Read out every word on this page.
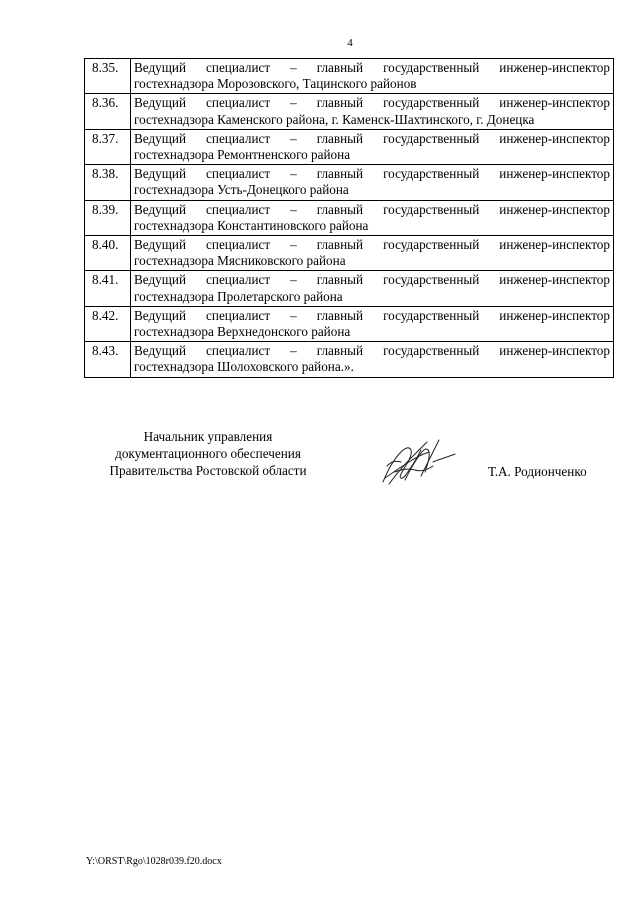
4
8.35.	Ведущий специалист – главный государственный инженер-инспектор
гостехнадзора Морозовского, Тацинского районов

8.36.	Ведущий специалист – главный государственный инженер-инспектор
гостехнадзора Каменского района, г. Каменск-Шахтинского, г. Донецка

8.37.	Ведущий специалист – главный государственный инженер-инспектор
гостехнадзора Ремонтненского района

8.38.	Ведущий специалист – главный государственный инженер-инспектор
гостехнадзора Усть-Донецкого района

8.39.	Ведущий специалист – главный государственный инженер-инспектор
гостехнадзора Константиновского района

8.40.	Ведущий специалист – главный государственный инженер-инспектор
гостехнадзора Мясниковского района

8.41.	Ведущий специалист – главный государственный инженер-инспектор
гостехнадзора Пролетарского района

8.42.	Ведущий специалист – главный государственный инженер-инспектор
гостехнадзора Верхнедонского района

8.43.	Ведущий специалист – главный государственный инженер-инспектор
гостехнадзора Шолоховского района.».
Начальник управления
документационного обеспечения
Правительства Ростовской области	Т.А. Родионченко
Y:\ORST\Rgo\1028r039.f20.docx
